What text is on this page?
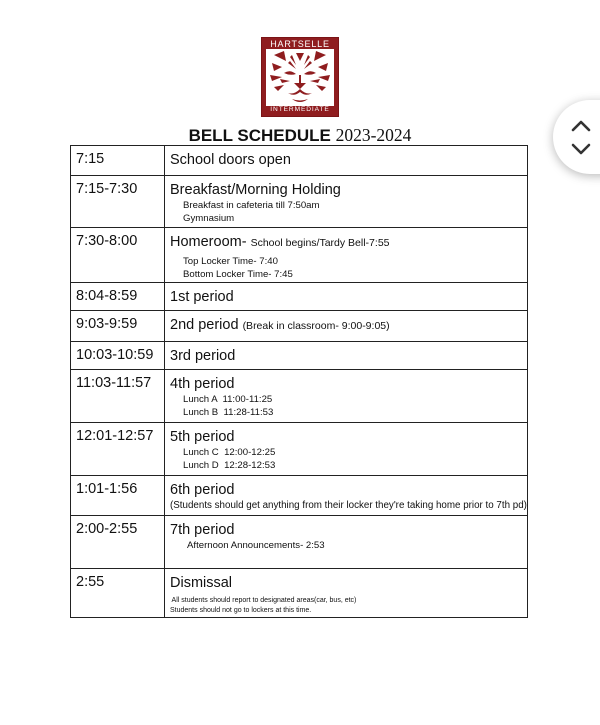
HARTSELLE
INTERMEDIATE
BELL SCHEDULE 2023-2024
7:15	School doors open

7:15-7:30	Breakfast/Morning Holding
Breakfast in cafeteria till 7:50am
Gymnasium

7:30-8:00	Homeroom- School begins/Tardy Bell-7:55
Top Locker Time- 7:40
Bottom Locker Time- 7:45

8:04-8:59	1st period

9:03-9:59	2nd period (Break in classroom- 9:00-9:05)

10:03-10:59	3rd period

11:03-11:57	4th period
Lunch A  11:00-11:25
Lunch B  11:28-11:53

12:01-12:57	5th period
Lunch C  12:00-12:25
Lunch D  12:28-12:53

1:01-1:56	6th period
(Students should get anything from their locker they're taking home prior to 7th pd)

2:00-2:55	7th period
Afternoon Announcements- 2:53

2:55	Dismissal
All students should report to designated areas(car, bus, etc)
Students should not go to lockers at this time.
